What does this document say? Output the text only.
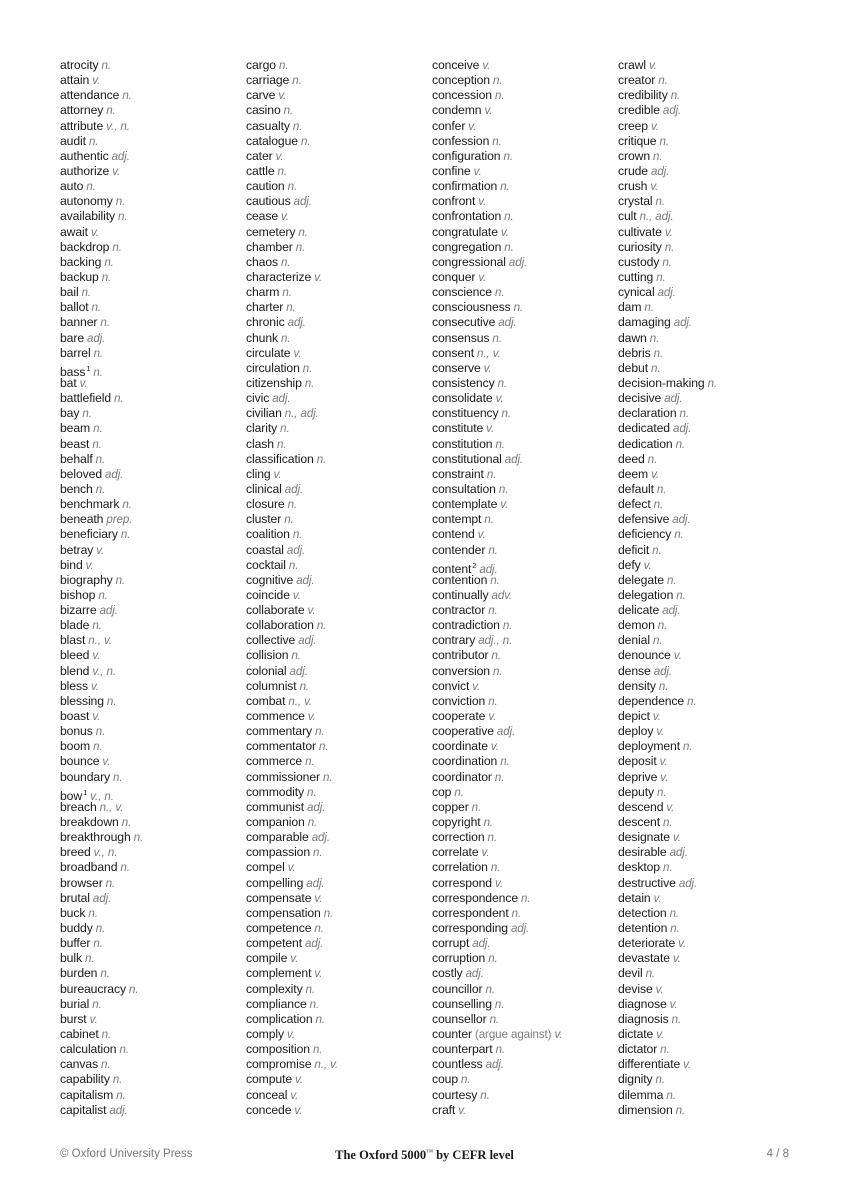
atrocity n.
attain v.
attendance n.
attorney n.
attribute v., n.
audit n.
authentic adj.
authorize v.
auto n.
autonomy n.
availability n.
await v.
backdrop n.
backing n.
backup n.
bail n.
ballot n.
banner n.
bare adj.
barrel n.
bass$^1$ n.
bat v.
battlefield n.
bay n.
beam n.
beast n.
behalf n.
beloved adj.
bench n.
benchmark n.
beneath prep.
beneficiary n.
betray v.
bind v.
biography n.
bishop n.
bizarre adj.
blade n.
blast n., v.
bleed v.
blend v., n.
bless v.
blessing n.
boast v.
bonus n.
boom n.
bounce v.
boundary n.
bow$^1$ v., n.
breach n., v.
breakdown n.
breakthrough n.
breed v., n.
broadband n.
browser n.
brutal adj.
buck n.
buddy n.
buffer n.
bulk n.
burden n.
bureaucracy n.
burial n.
burst v.
cabinet n.
calculation n.
canvas n.
capability n.
capitalism n.
capitalist adj.
cargo n.
carriage n.
carve v.
casino n.
casualty n.
catalogue n.
cater v.
cattle n.
caution n.
cautious adj.
cease v.
cemetery n.
chamber n.
chaos n.
characterize v.
charm n.
charter n.
chronic adj.
chunk n.
circulate v.
circulation n.
citizenship n.
civic adj.
civilian n., adj.
clarity n.
clash n.
classification n.
cling v.
clinical adj.
closure n.
cluster n.
coalition n.
coastal adj.
cocktail n.
cognitive adj.
coincide v.
collaborate v.
collaboration n.
collective adj.
collision n.
colonial adj.
columnist n.
combat n., v.
commence v.
commentary n.
commentator n.
commerce n.
commissioner n.
commodity n.
communist adj.
companion n.
comparable adj.
compassion n.
compel v.
compelling adj.
compensate v.
compensation n.
competence n.
competent adj.
compile v.
complement v.
complexity n.
compliance n.
complication n.
comply v.
composition n.
compromise n., v.
compute v.
conceal v.
concede v.
conceive v.
conception n.
concession n.
condemn v.
confer v.
confession n.
configuration n.
confine v.
confirmation n.
confront v.
confrontation n.
congratulate v.
congregation n.
congressional adj.
conquer v.
conscience n.
consciousness n.
consecutive adj.
consensus n.
consent n., v.
conserve v.
consistency n.
consolidate v.
constituency n.
constitute v.
constitution n.
constitutional adj.
constraint n.
consultation n.
contemplate v.
contempt n.
contend v.
contender n.
content$^2$ adj.
contention n.
continually adv.
contractor n.
contradiction n.
contrary adj., n.
contributor n.
conversion n.
convict v.
conviction n.
cooperate v.
cooperative adj.
coordinate v.
coordination n.
coordinator n.
cop n.
copper n.
copyright n.
correction n.
correlate v.
correlation n.
correspond v.
correspondence n.
correspondent n.
corresponding adj.
corrupt adj.
corruption n.
costly adj.
councillor n.
counselling n.
counsellor n.
counter (argue against) v.
counterpart n.
countless adj.
coup n.
courtesy n.
craft v.
crawl v.
creator n.
credibility n.
credible adj.
creep v.
critique n.
crown n.
crude adj.
crush v.
crystal n.
cult n., adj.
cultivate v.
curiosity n.
custody n.
cutting n.
cynical adj.
dam n.
damaging adj.
dawn n.
debris n.
debut n.
decision-making n.
decisive adj.
declaration n.
dedicated adj.
dedication n.
deed n.
deem v.
default n.
defect n.
defensive adj.
deficiency n.
deficit n.
defy v.
delegate n.
delegation n.
delicate adj.
demon n.
denial n.
denounce v.
dense adj.
density n.
dependence n.
depict v.
deploy v.
deployment n.
deposit v.
deprive v.
deputy n.
descend v.
descent n.
designate v.
desirable adj.
desktop n.
destructive adj.
detain v.
detection n.
detention n.
deteriorate v.
devastate v.
devil n.
devise v.
diagnose v.
diagnosis n.
dictate v.
dictator n.
differentiate v.
dignity n.
dilemma n.
dimension n.
© Oxford University Press	The Oxford 5000™ by CEFR level	4 / 8
